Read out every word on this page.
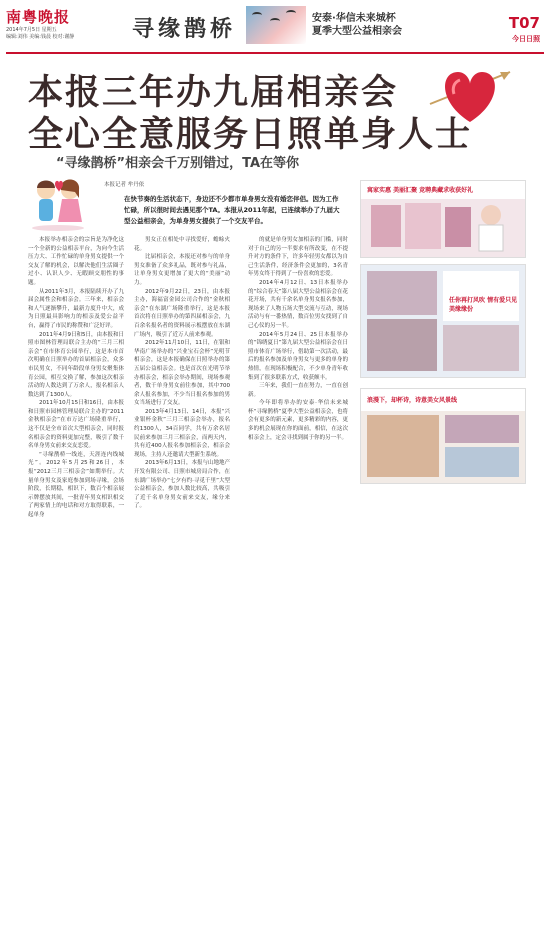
南粤晚报
2014年7月5日 星期五
编辑:刘伟 美编:钱晨 校对:谢静	寻缘鹊桥	安泰·华信未来城杯
夏季大型公益相亲会	T07
今日日照
本报三年办九届相亲会
全心全意服务日照单身人士
“寻缘鹊桥”相亲会千万别错过，TA在等你
本报记者 牟丹依
在快节奏的生活状态下，身边还不少都市单身男女没有婚恋伴侣。因为工作忙碌，所以很时间去遇见那个TA。本报从2011年起，已连续举办了九届大型公益相亲会，为单身男女提供了一个交友平台。

本报举办相亲会的宗旨是为净化这一个全新的公益相亲平台，为向今生活压力大、工作忙碌的单身男女提供一个交友了解的机会，以解决他们生活圈子过小、认识人少、无暇顾交朋性的事题。

从2011年3月，本报陆续开办了九届会属性会和相亲会。三年来，相亲会和人气逐渐攀升，最新力度升中大，成为日照最具影响力的相亲及爱公益平台，赢得了市民的称赞和广泛好评。

2011年4月9日和5日，由本报和日照市图林管理局联合主办的“三月三相亲会”在市体育公园举行，这是本市首次明确在日照举办的首届相亲会，众多市民男女，不同年龄段单身男女聚集体育公园，相互交换了解，参加这次相亲活动的人数达到了万余人，报名相亲人数达到了1300人。

2011年10月15日和16日，由本报和日照市园林管理局联合主办的“2011金秋相亲会”在市万达广场隆重举行，这不仅是全市首次大型相亲会，同时报名相亲会的资料更加完整，吸引了数千名单身男女前来交友恋爱。

“寻缘鹊桥一线连，天涯连内线城光”。2012年5月25和26日，本报“2012三月三相亲会”如期举行。大量单身男女及家庭参加到场寻缘，会场阶段，长期稳，相识下，数百个相亲展示牌摆放其间，一批青年男女相识相交了两家情上的电话和对方取得联系，一起单身

男女正在相处中寻找爱好，蟾蜍火花。

比届相亲会，本报还对参与的单身男女准备了众多礼品，既对参与礼品，让单身男女更增加了更大的“美丽”动力。

2012年9月22日，23日，由本报主办，海福富金园公司合作的“金秋相亲会”在东湖广场隆重举行，这是本报首次将在日照举办的第四届相亲会，九百余名报名者的资料展示板摆放在东湖广场内，吸引了近万人前来参观。

2012年11月10日，11日，在银和华南广场举办的“兴业宝石会杯”光明节相亲会，这是本报确保在日照举办的第五届公益相亲会。也是首次在光明节举办相亲会，相亲会举办期间，现场参观者，数千单身男女前往参加，其中700余人报名参加，不少当日报名参加的男女当场进行了交友。

2013年4月13日、14日，本报“兴业银杯金秋”三月三相亲会举办，报名约1300人，34百同学，共有万余名居民前来参加三月三相亲会，而两天内，共有近400人报名参加相亲会，相亲会现场，主持人还邀请大型新生系统。

2013年6月13日，本报与山地地产开发有限公司、日照市城房局合作，在东湖广场举办“七夕有约·寻觅千里”大型公益相亲会，参加人数比较高，共吸引了近千名单身男女前来交友，缘分来了。

的就是单身男女加相亲的门槛，同时对于自己的另一半要求有所改变，在不提升对方的条件下，许多年轻男女都以为自己生活条件，经济条件会更加的，3名青年男女终于得到了一份喜欢的恋爱。

2014年4月12日、13日本报举办的“综合春天”第八届大型公益相亲会在花花开场，共有千余名单身男女报名参加，现场来了人物五场大型交流与互动，现场活动与有一番热情，数百位男女找到了自己心仪的另一半。

2014年5月24日、25日本报举办的“锦绣夏日”第九届大型公益相亲会在日照市体育广场举行，借助第一次活动，最后的报名参加及单身男女与更多的单身的热情，在现场积极配合，不少单身青年收集到了很多联系方式，收获颇丰。

三年来，我们一直在努力，一直在创新。

今年即将举办的安泰·华信未来城杯“寻缘鹊桥”夏季大型公益相亲会，也将会有更多的新元素，更多精彩的内容，更多的机会展现在你的面前，相信，在这次相亲会上，定会寻找到属于你的另一半。

寓家实惠 美丽汇聚 竞聘典藏求收获好礼
任你再打风吹 情有爱只见美缘缘份
浪漫下，却杯诗，诗意美女风景线
